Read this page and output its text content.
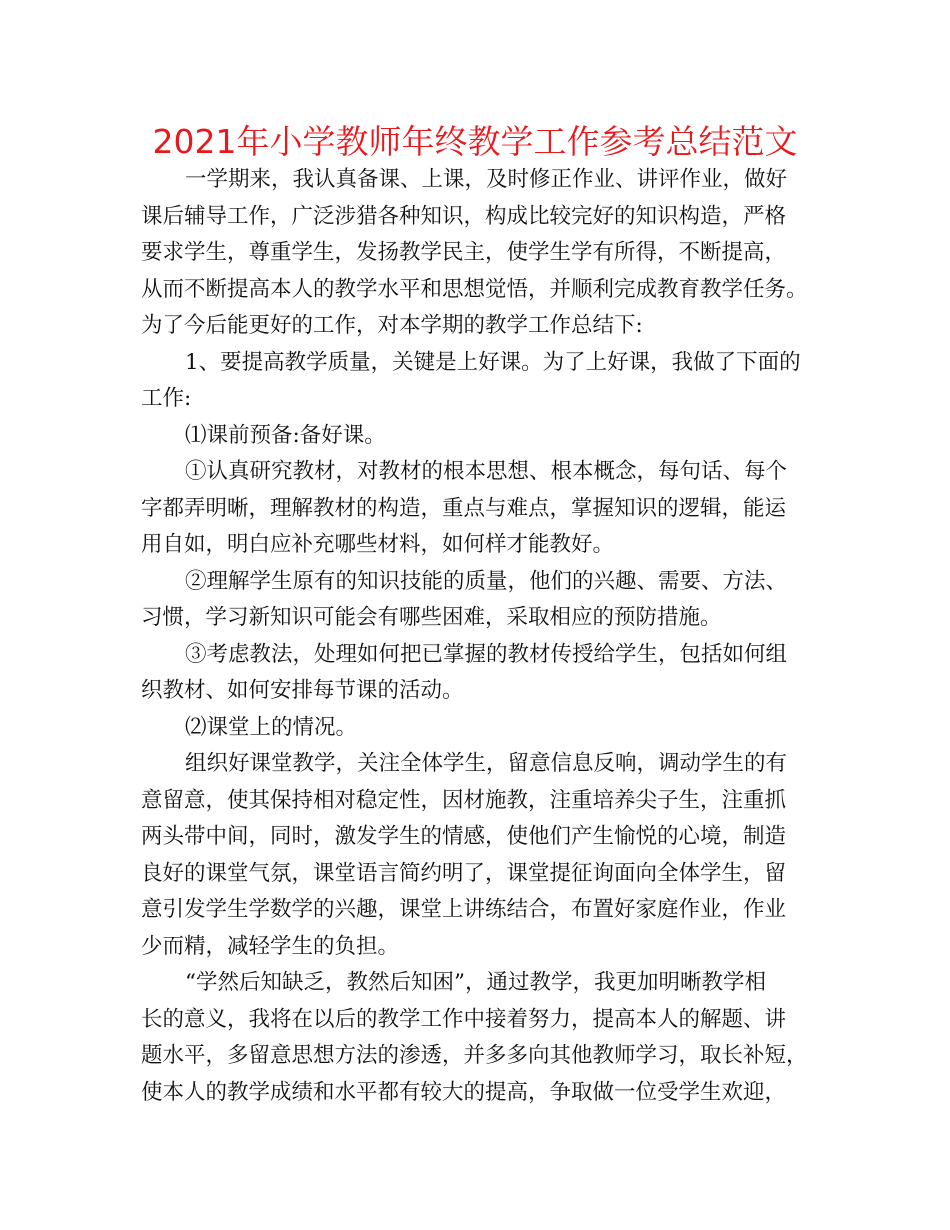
2021年小学教师年终教学工作参考总结范文
一学期来，我认真备课、上课，及时修正作业、讲评作业，做好
课后辅导工作，广泛涉猎各种知识，构成比较完好的知识构造，严格
要求学生，尊重学生，发扬教学民主，使学生学有所得，不断提高，
从而不断提高本人的教学水平和思想觉悟，并顺利完成教育教学任务。
为了今后能更好的工作，对本学期的教学工作总结下:
1、要提高教学质量，关键是上好课。为了上好课，我做了下面的
工作:
⑴课前预备:备好课。
①认真研究教材，对教材的根本思想、根本概念，每句话、每个
字都弄明晰，理解教材的构造，重点与难点，掌握知识的逻辑，能运
用自如，明白应补充哪些材料，如何样才能教好。
②理解学生原有的知识技能的质量，他们的兴趣、需要、方法、
习惯，学习新知识可能会有哪些困难，采取相应的预防措施。
③考虑教法，处理如何把已掌握的教材传授给学生，包括如何组
织教材、如何安排每节课的活动。
⑵课堂上的情况。
组织好课堂教学，关注全体学生，留意信息反响，调动学生的有
意留意，使其保持相对稳定性，因材施教，注重培养尖子生，注重抓
两头带中间，同时，激发学生的情感，使他们产生愉悦的心境，制造
良好的课堂气氛，课堂语言简约明了，课堂提征询面向全体学生，留
意引发学生学数学的兴趣，课堂上讲练结合，布置好家庭作业，作业
少而精，减轻学生的负担。
“学然后知缺乏，教然后知困”，通过教学，我更加明晰教学相
长的意义，我将在以后的教学工作中接着努力，提高本人的解题、讲
题水平，多留意思想方法的渗透，并多多向其他教师学习，取长补短，
使本人的教学成绩和水平都有较大的提高，争取做一位受学生欢迎，
